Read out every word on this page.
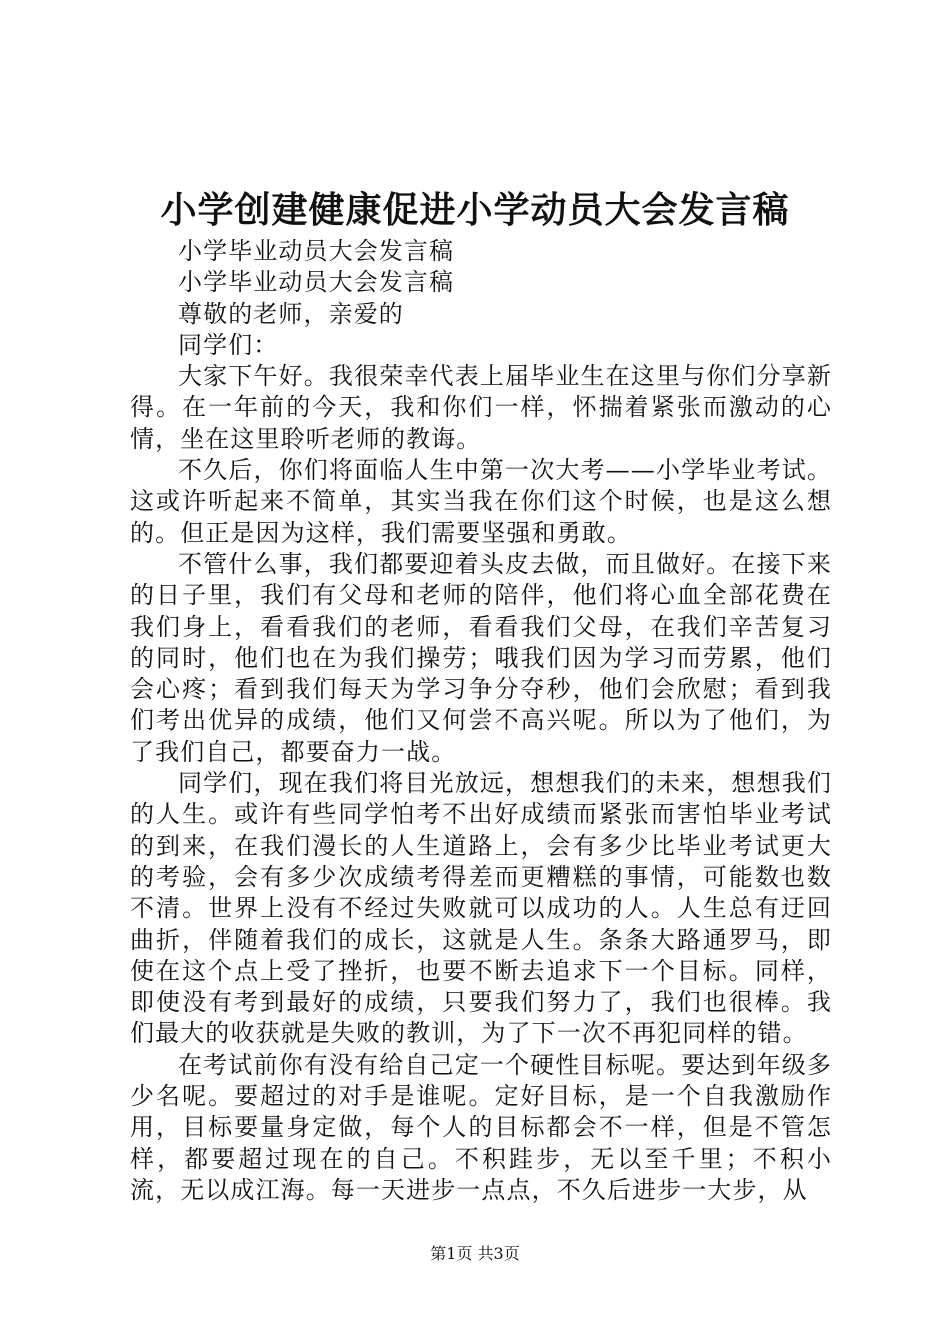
小学创建健康促进小学动员大会发言稿

小学毕业动员大会发言稿

小学毕业动员大会发言稿

尊敬的老师，亲爱的

同学们：

大家下午好。我很荣幸代表上届毕业生在这里与你们分享新得。在一年前的今天，我和你们一样，怀揣着紧张而激动的心情，坐在这里聆听老师的教诲。

不久后，你们将面临人生中第一次大考——小学毕业考试。这或许听起来不简单，其实当我在你们这个时候，也是这么想的。但正是因为这样，我们需要坚强和勇敢。

不管什么事，我们都要迎着头皮去做，而且做好。在接下来的日子里，我们有父母和老师的陪伴，他们将心血全部花费在我们身上，看看我们的老师，看看我们父母，在我们辛苦复习的同时，他们也在为我们操劳；哦我们因为学习而劳累，他们会心疼；看到我们每天为学习争分夺秒，他们会欣慰；看到我们考出优异的成绩，他们又何尝不高兴呢。所以为了他们，为了我们自己，都要奋力一战。

同学们，现在我们将目光放远，想想我们的未来，想想我们的人生。或许有些同学怕考不出好成绩而紧张而害怕毕业考试的到来，在我们漫长的人生道路上，会有多少比毕业考试更大的考验，会有多少次成绩考得差而更糟糕的事情，可能数也数不清。世界上没有不经过失败就可以成功的人。人生总有迂回曲折，伴随着我们的成长，这就是人生。条条大路通罗马，即使在这个点上受了挫折，也要不断去追求下一个目标。同样，即使没有考到最好的成绩，只要我们努力了，我们也很棒。我们最大的收获就是失败的教训，为了下一次不再犯同样的错。

在考试前你有没有给自己定一个硬性目标呢。要达到年级多少名呢。要超过的对手是谁呢。定好目标，是一个自我激励作用，目标要量身定做，每个人的目标都会不一样，但是不管怎样，都要超过现在的自己。不积跬步，无以至千里；不积小流，无以成江海。每一天进步一点点，不久后进步一大步，从

第1页 共3页
